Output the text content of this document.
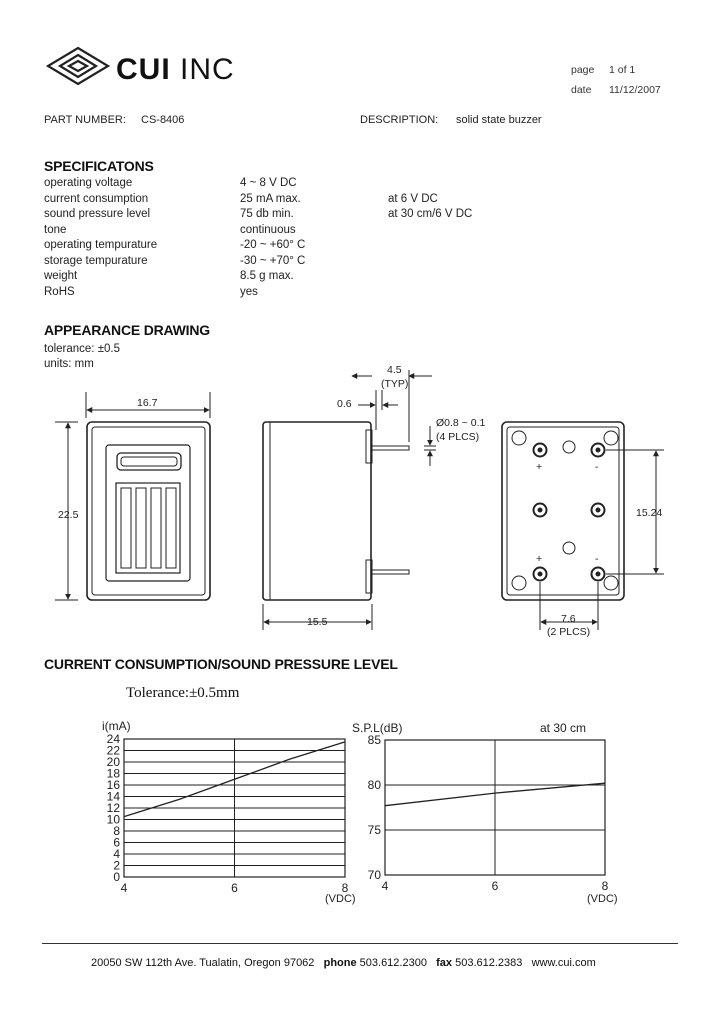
CUI INC	page 1 of 1
date 11/12/2007
PART NUMBER: CS-8406	DESCRIPTION: solid state buzzer
SPECIFICATONS
operating voltage	4 ~ 8 V DC
current consumption	25 mA max.	at 6 V DC
sound pressure level	75 db min.	at 30 cm/6 V DC
tone	continuous
operating tempurature	-20 ~ +60° C
storage tempurature	-30 ~ +70° C
weight	8.5 g max.
RoHS	yes
APPEARANCE DRAWING
tolerance: ±0.5
units: mm
16.7
22.5
15.5
0.6
4.5
(TYP)
Ø0.8 ~ 0.1
(4 PLCS)
15.24
7.6
(2 PLCS)
+	-
+	-
CURRENT CONSUMPTION/SOUND PRESSURE LEVEL
Tolerance:±0.5mm
i(mA)
(VDC)
24
22
20
18
16
14
12
10
8
6
4
2
0
4	6	8
S.P.L(dB)	at 30 cm
(VDC)
85
80
75
70
4	6	8
20050 SW 112th Ave. Tualatin, Oregon 97062 phone 503.612.2300 fax 503.612.2383 www.cui.com
